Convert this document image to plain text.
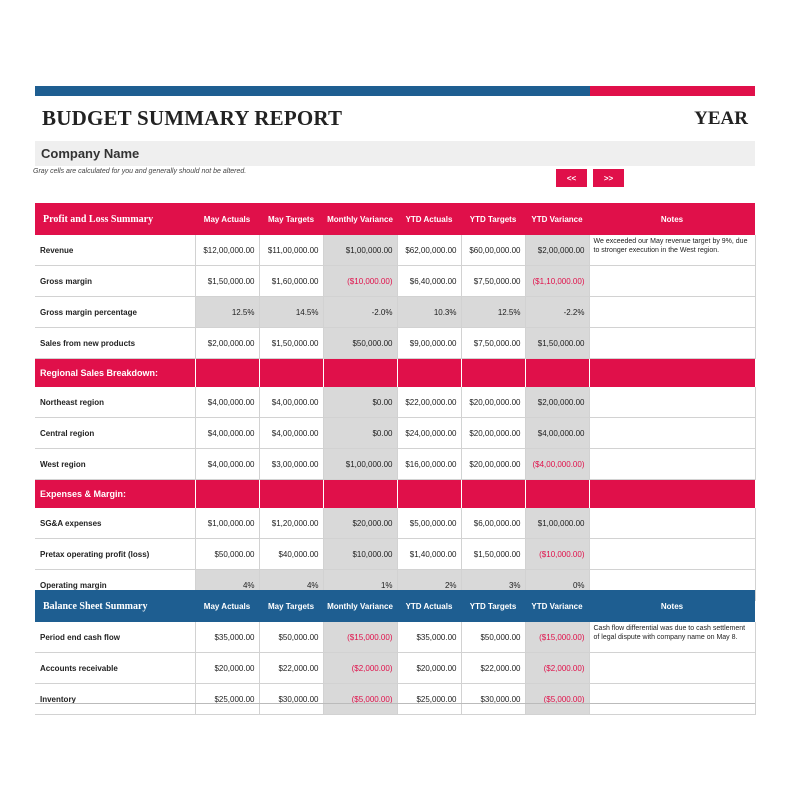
BUDGET SUMMARY REPORT	YEAR
Company Name
Gray cells are calculated for you and generally should not be altered.
<<	>>
Profit and Loss Summary	May Actuals	May Targets	Monthly Variance	YTD Actuals	YTD Targets	YTD Variance	Notes
Revenue	$12,00,000.00	$11,00,000.00	$1,00,000.00	$62,00,000.00	$60,00,000.00	$2,00,000.00	We exceeded our May revenue target by 9%, due to stronger execution in the West region.
Gross margin	$1,50,000.00	$1,60,000.00	($10,000.00)	$6,40,000.00	$7,50,000.00	($1,10,000.00)	
Gross margin percentage	12.5%	14.5%	-2.0%	10.3%	12.5%	-2.2%	
Sales from new products	$2,00,000.00	$1,50,000.00	$50,000.00	$9,00,000.00	$7,50,000.00	$1,50,000.00	
Regional Sales Breakdown:							
Northeast region	$4,00,000.00	$4,00,000.00	$0.00	$22,00,000.00	$20,00,000.00	$2,00,000.00	
Central region	$4,00,000.00	$4,00,000.00	$0.00	$24,00,000.00	$20,00,000.00	$4,00,000.00	
West region	$4,00,000.00	$3,00,000.00	$1,00,000.00	$16,00,000.00	$20,00,000.00	($4,00,000.00)	
Expenses & Margin:							
SG&A expenses	$1,00,000.00	$1,20,000.00	$20,000.00	$5,00,000.00	$6,00,000.00	$1,00,000.00	
Pretax operating profit (loss)	$50,000.00	$40,000.00	$10,000.00	$1,40,000.00	$1,50,000.00	($10,000.00)	
Operating margin	4%	4%	1%	2%	3%	0%	
Balance Sheet Summary	May Actuals	May Targets	Monthly Variance	YTD Actuals	YTD Targets	YTD Variance	Notes
Period end cash flow	$35,000.00	$50,000.00	($15,000.00)	$35,000.00	$50,000.00	($15,000.00)	Cash flow differential was due to cash settlement of legal dispute with company name on May 8.
Accounts receivable	$20,000.00	$22,000.00	($2,000.00)	$20,000.00	$22,000.00	($2,000.00)	
Inventory	$25,000.00	$30,000.00	($5,000.00)	$25,000.00	$30,000.00	($5,000.00)	
